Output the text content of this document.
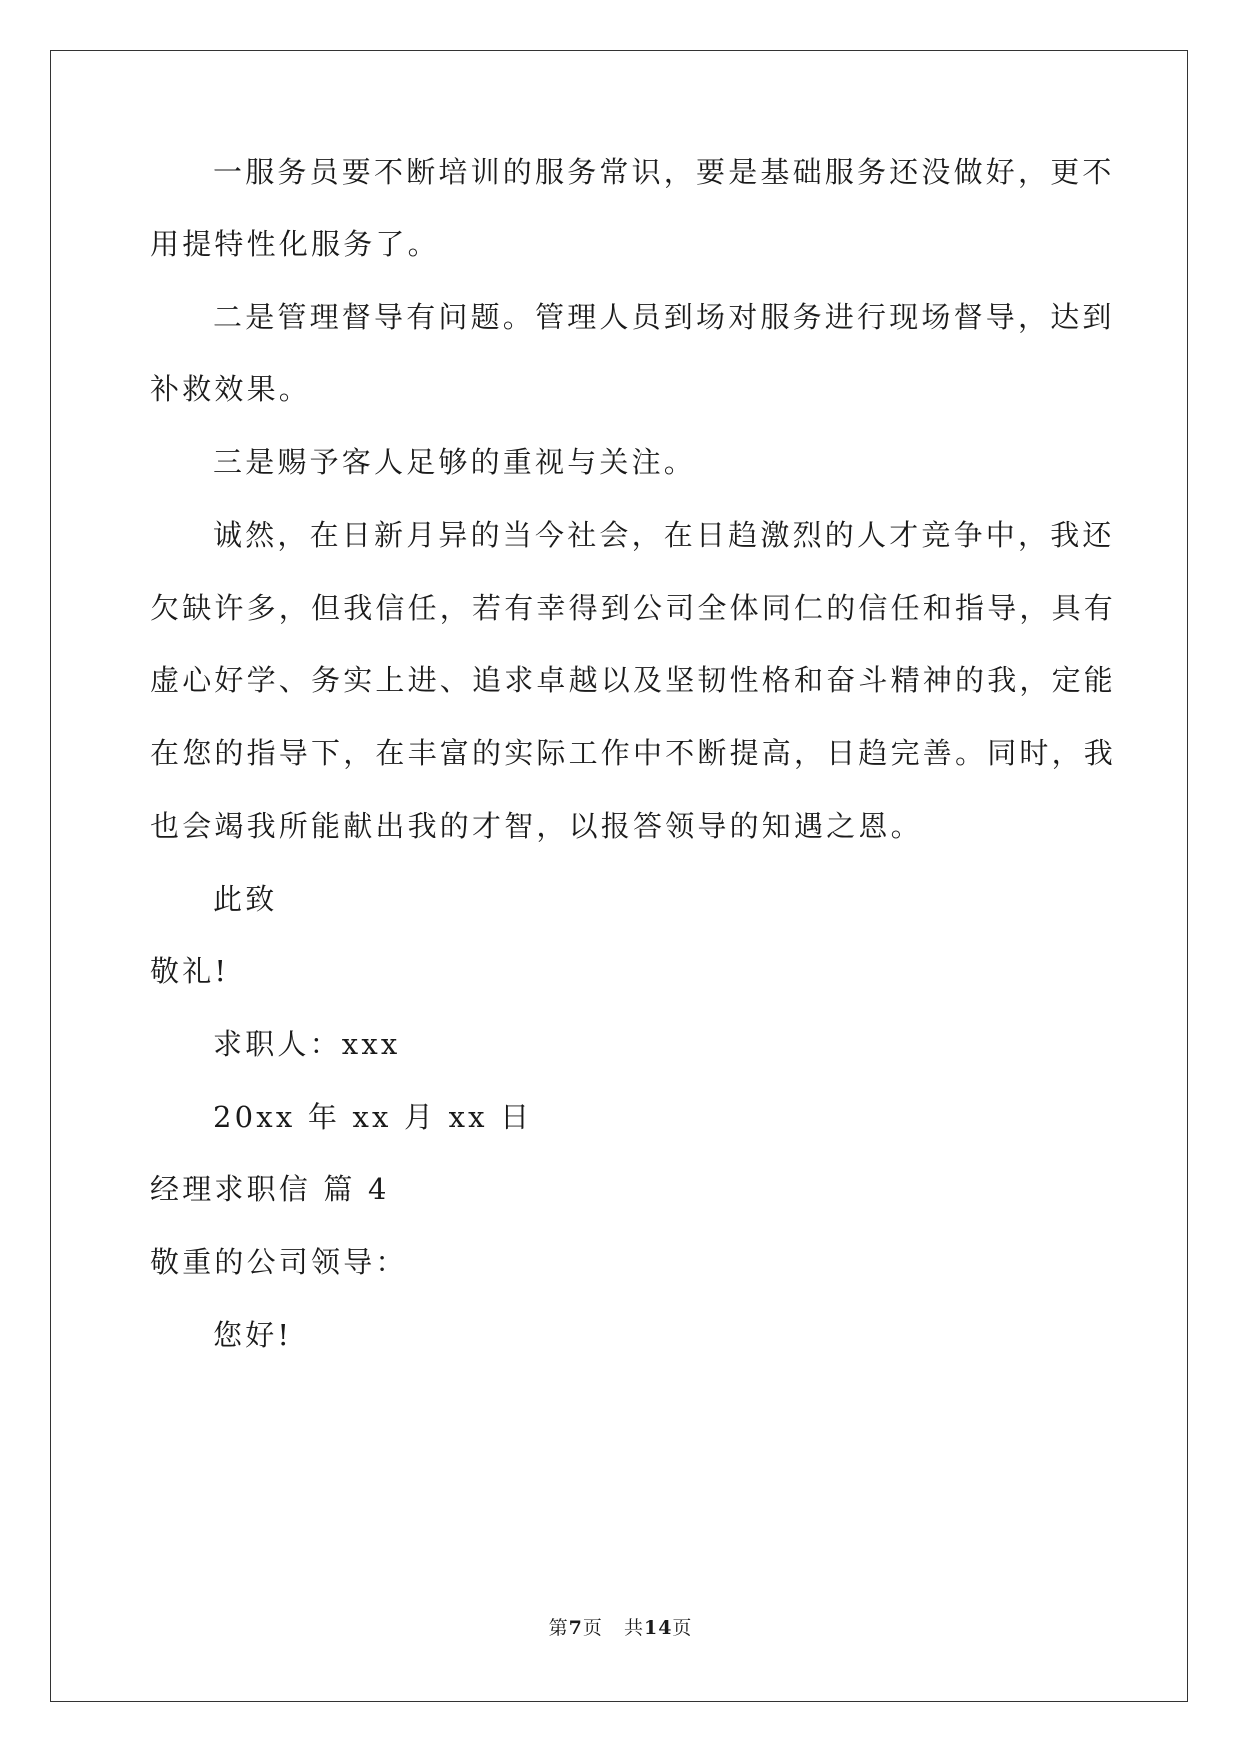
一服务员要不断培训的服务常识，要是基础服务还没做好，更不
用提特性化服务了。
二是管理督导有问题。管理人员到场对服务进行现场督导，达到
补救效果。
三是赐予客人足够的重视与关注。
诚然，在日新月异的当今社会，在日趋激烈的人才竞争中，我还
欠缺许多，但我信任，若有幸得到公司全体同仁的信任和指导，具有
虚心好学、务实上进、追求卓越以及坚韧性格和奋斗精神的我，定能
在您的指导下，在丰富的实际工作中不断提高，日趋完善。同时，我
也会竭我所能献出我的才智，以报答领导的知遇之恩。
此致
敬礼!
求职人：xxx
20xx 年 xx 月 xx 日
经理求职信 篇 4
敬重的公司领导：
您好!
第7页 共14页
